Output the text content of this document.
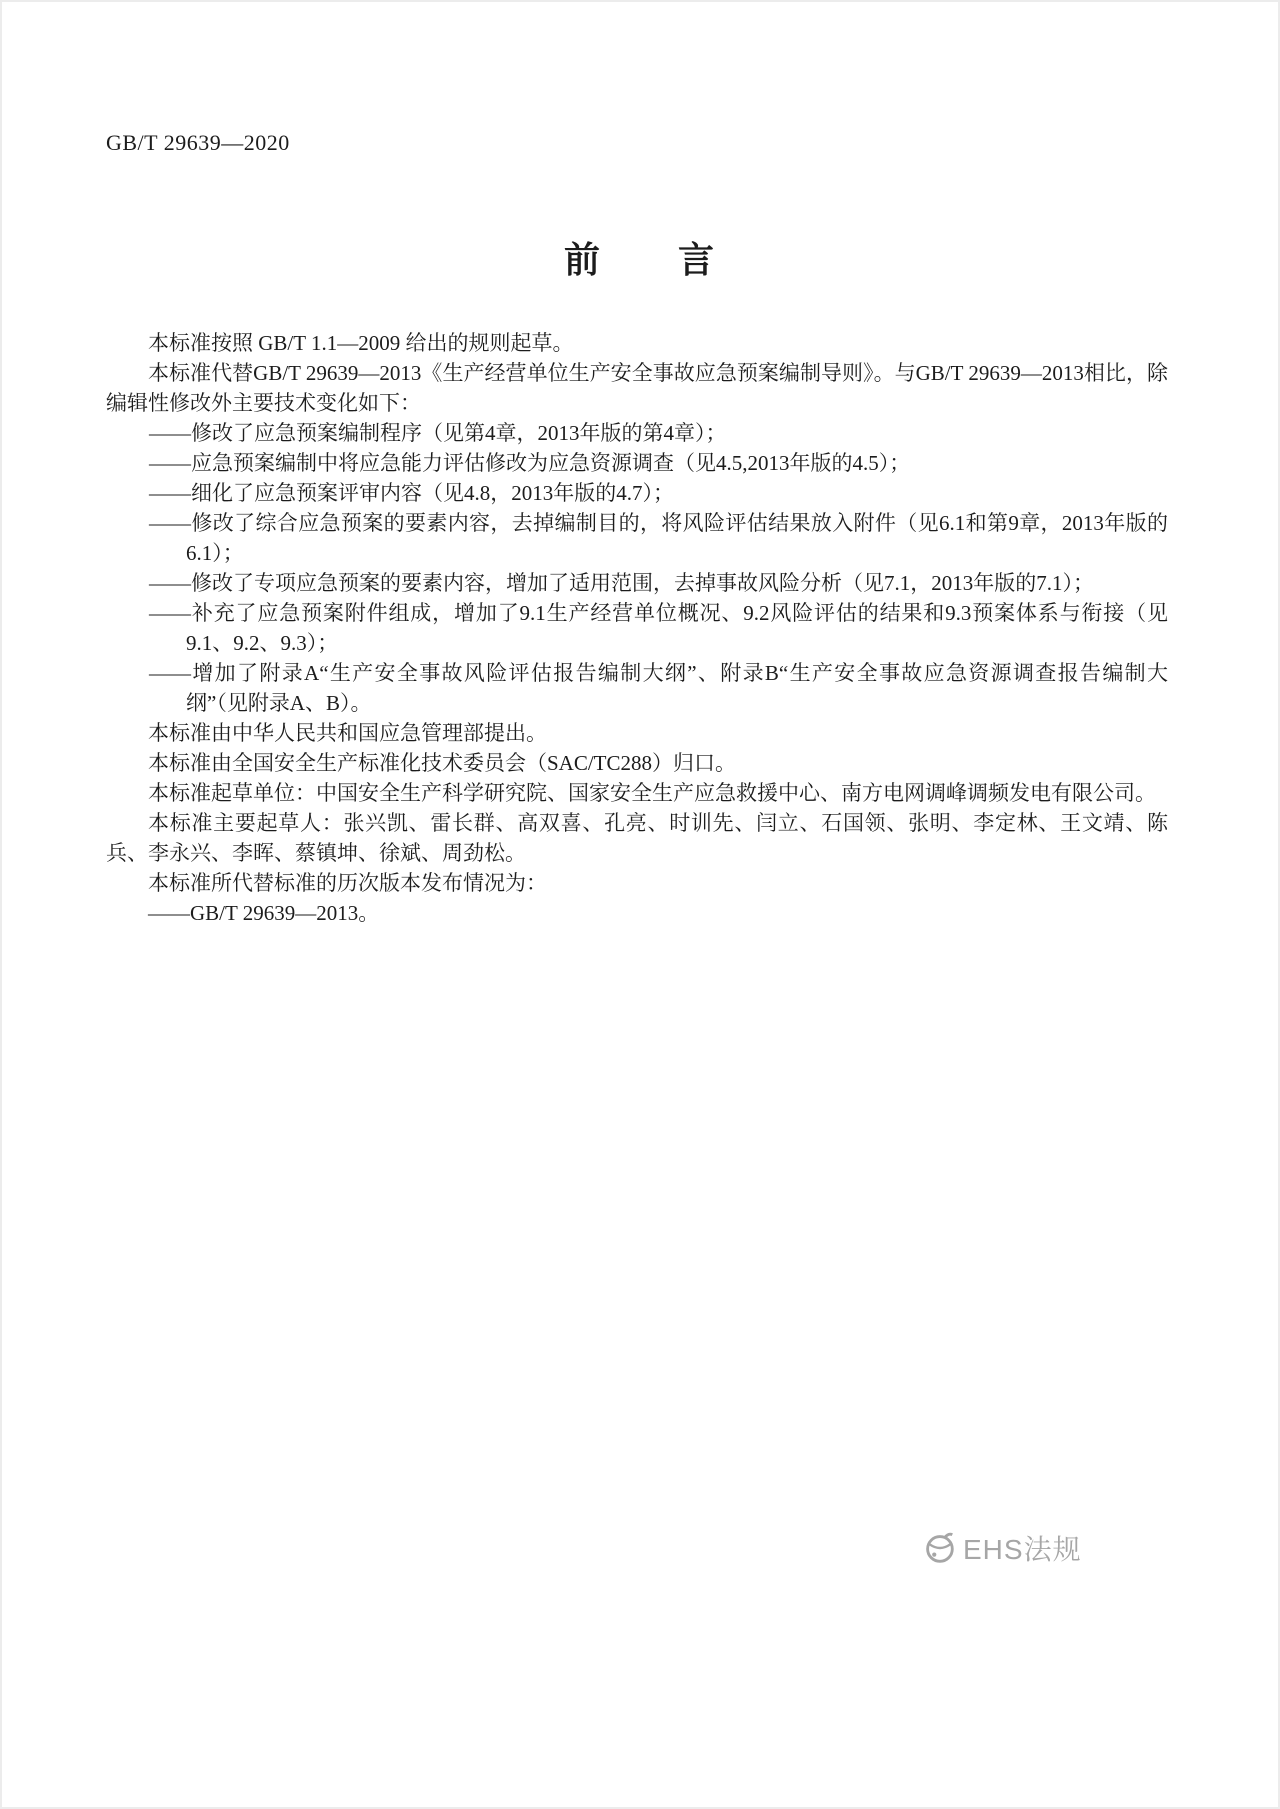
GB/T 29639—2020
前　　言

本标准按照 GB/T 1.1—2009 给出的规则起草。

本标准代替GB/T 29639—2013《生产经营单位生产安全事故应急预案编制导则》。与GB/T 29639—2013相比，除编辑性修改外主要技术变化如下：

——修改了应急预案编制程序（见第4章，2013年版的第4章）；

——应急预案编制中将应急能力评估修改为应急资源调查（见4.5,2013年版的4.5）；

——细化了应急预案评审内容（见4.8，2013年版的4.7）；

——修改了综合应急预案的要素内容，去掉编制目的，将风险评估结果放入附件（见6.1和第9章，2013年版的6.1）；

——修改了专项应急预案的要素内容，增加了适用范围，去掉事故风险分析（见7.1，2013年版的7.1）；

——补充了应急预案附件组成，增加了9.1生产经营单位概况、9.2风险评估的结果和9.3预案体系与衔接（见9.1、9.2、9.3）；

——增加了附录A“生产安全事故风险评估报告编制大纲”、附录B“生产安全事故应急资源调查报告编制大纲”（见附录A、B）。

本标准由中华人民共和国应急管理部提出。

本标准由全国安全生产标准化技术委员会（SAC/TC288）归口。

本标准起草单位：中国安全生产科学研究院、国家安全生产应急救援中心、南方电网调峰调频发电有限公司。

本标准主要起草人：张兴凯、雷长群、高双喜、孔亮、时训先、闫立、石国领、张明、李定林、王文靖、陈兵、李永兴、李晖、蔡镇坤、徐斌、周劲松。

本标准所代替标准的历次版本发布情况为：

——GB/T 29639—2013。

EHS法规
